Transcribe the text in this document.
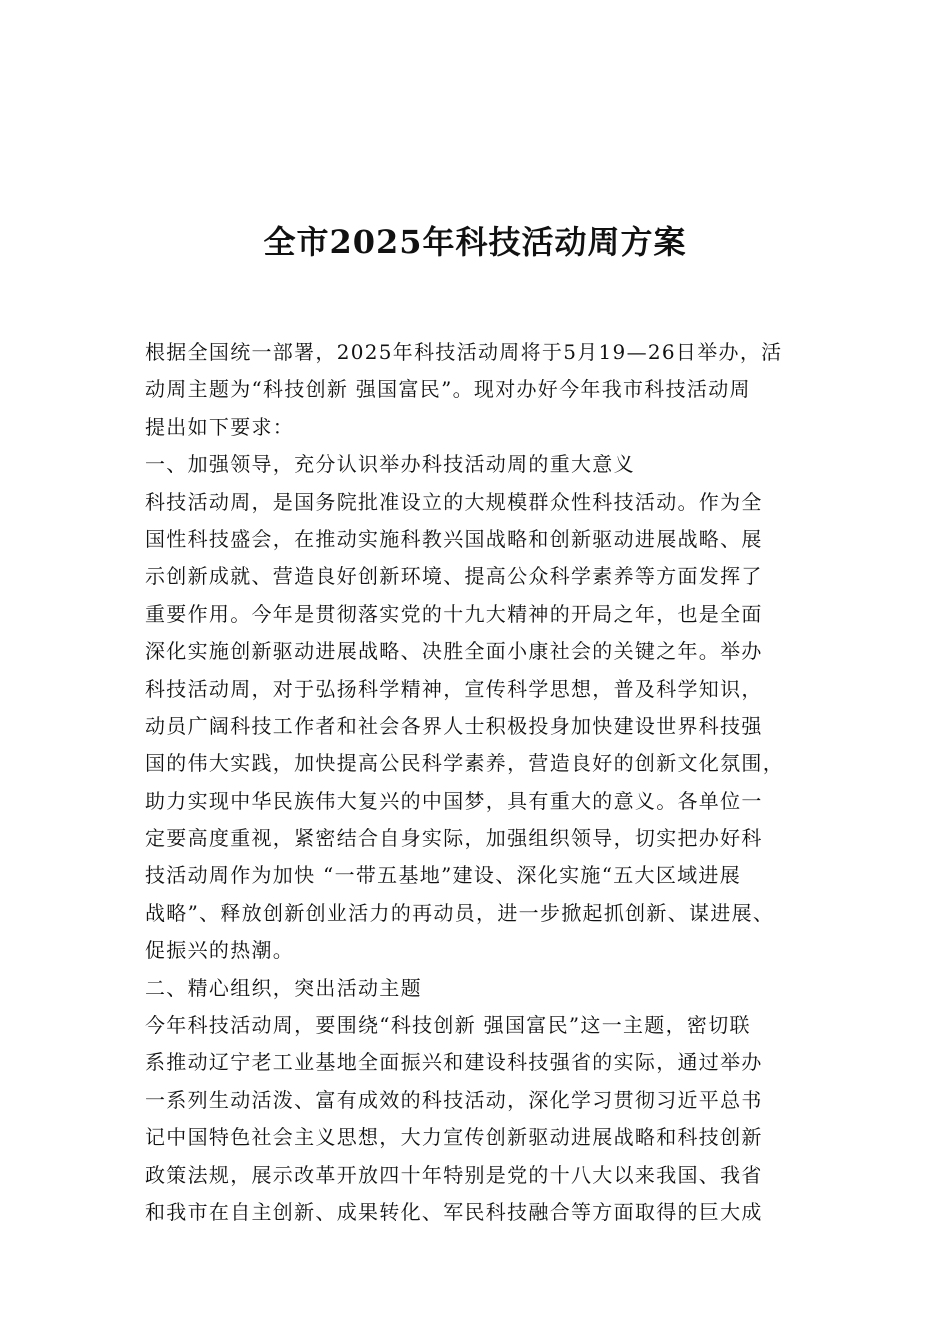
全市2025年科技活动周方案
根据全国统一部署，2025年科技活动周将于5月19—26日举办，活
动周主题为“科技创新 强国富民”。现对办好今年我市科技活动周
提出如下要求：
一、加强领导，充分认识举办科技活动周的重大意义
科技活动周，是国务院批准设立的大规模群众性科技活动。作为全
国性科技盛会，在推动实施科教兴国战略和创新驱动进展战略、展
示创新成就、营造良好创新环境、提高公众科学素养等方面发挥了
重要作用。今年是贯彻落实党的十九大精神的开局之年，也是全面
深化实施创新驱动进展战略、决胜全面小康社会的关键之年。举办
科技活动周，对于弘扬科学精神，宣传科学思想，普及科学知识，
动员广阔科技工作者和社会各界人士积极投身加快建设世界科技强
国的伟大实践，加快提高公民科学素养，营造良好的创新文化氛围，
助力实现中华民族伟大复兴的中国梦，具有重大的意义。各单位一
定要高度重视，紧密结合自身实际，加强组织领导，切实把办好科
技活动周作为加快 “一带五基地”建设、深化实施“五大区域进展
战略”、释放创新创业活力的再动员，进一步掀起抓创新、谋进展、
促振兴的热潮。
二、精心组织，突出活动主题
今年科技活动周，要围绕“科技创新 强国富民”这一主题，密切联
系推动辽宁老工业基地全面振兴和建设科技强省的实际，通过举办
一系列生动活泼、富有成效的科技活动，深化学习贯彻习近平总书
记中国特色社会主义思想，大力宣传创新驱动进展战略和科技创新
政策法规，展示改革开放四十年特别是党的十八大以来我国、我省
和我市在自主创新、成果转化、军民科技融合等方面取得的巨大成
